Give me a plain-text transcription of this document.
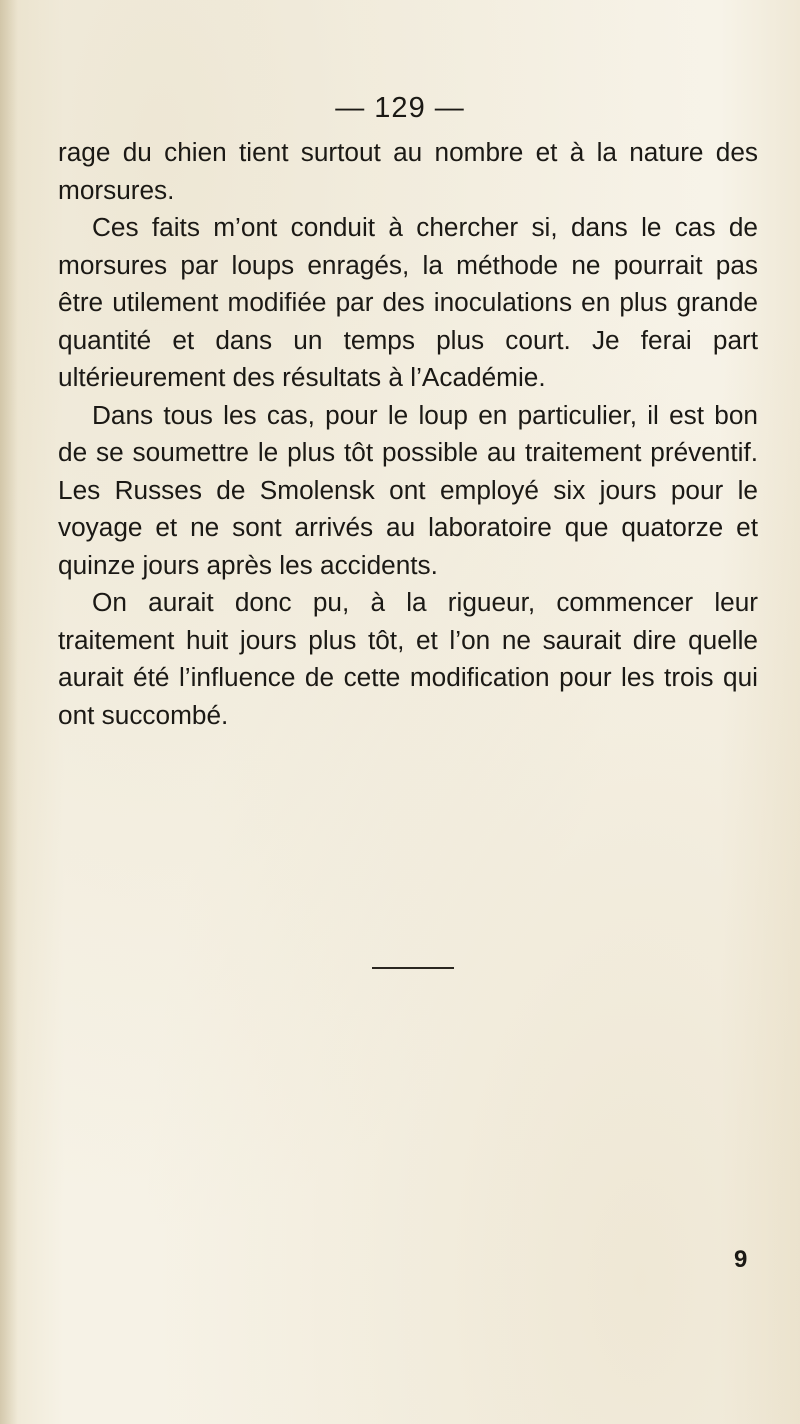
— 129 —

rage du chien tient surtout au nombre et à la nature des morsures.

Ces faits m’ont conduit à chercher si, dans le cas de morsures par loups enragés, la méthode ne pourrait pas être utilement modifiée par des inoculations en plus grande quantité et dans un temps plus court. Je ferai part ultérieurement des résultats à l’Académie.

Dans tous les cas, pour le loup en particulier, il est bon de se soumettre le plus tôt possible au traitement préventif. Les Russes de Smolensk ont employé six jours pour le voyage et ne sont arrivés au laboratoire que quatorze et quinze jours après les accidents.

On aurait donc pu, à la rigueur, commencer leur traitement huit jours plus tôt, et l’on ne saurait dire quelle aurait été l’influence de cette modification pour les trois qui ont succombé.

9
